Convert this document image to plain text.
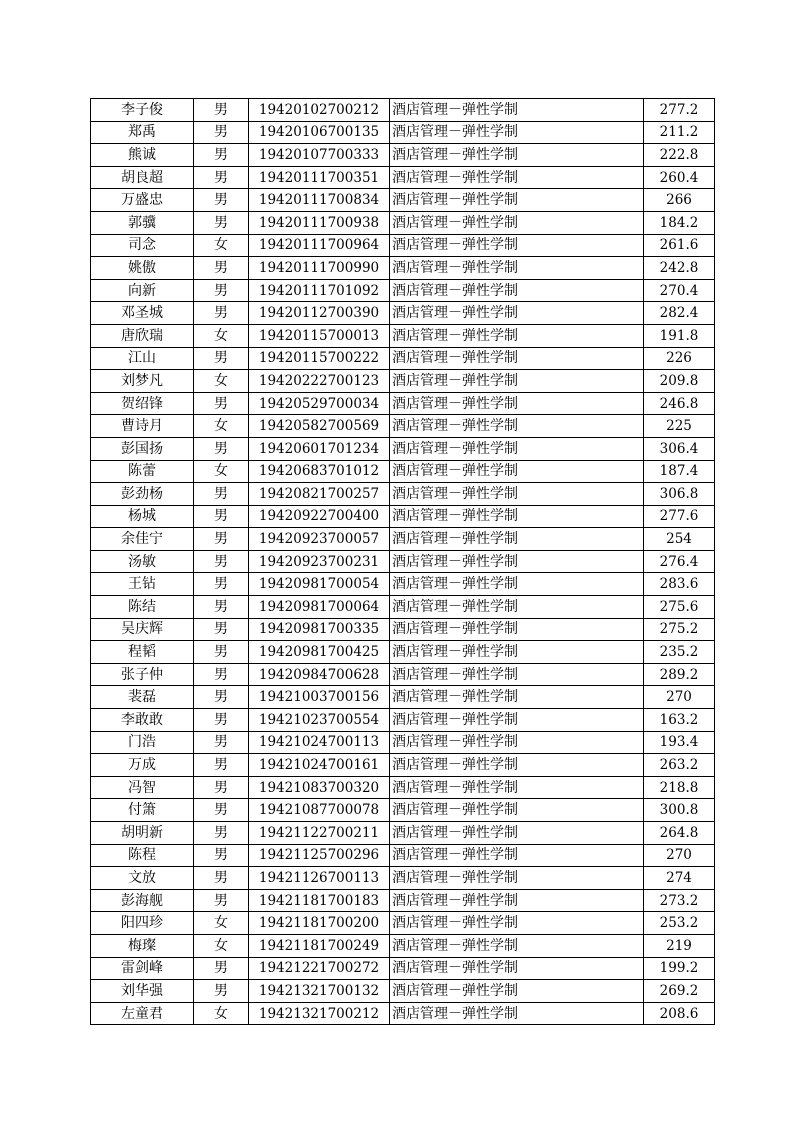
李子俊	男	19420102700212	酒店管理－弹性学制	277.2
郑禹	男	19420106700135	酒店管理－弹性学制	211.2
熊诚	男	19420107700333	酒店管理－弹性学制	222.8
胡良超	男	19420111700351	酒店管理－弹性学制	260.4
万盛忠	男	19420111700834	酒店管理－弹性学制	266
郭骥	男	19420111700938	酒店管理－弹性学制	184.2
司念	女	19420111700964	酒店管理－弹性学制	261.6
姚傲	男	19420111700990	酒店管理－弹性学制	242.8
向新	男	19420111701092	酒店管理－弹性学制	270.4
邓圣城	男	19420112700390	酒店管理－弹性学制	282.4
唐欣瑞	女	19420115700013	酒店管理－弹性学制	191.8
江山	男	19420115700222	酒店管理－弹性学制	226
刘梦凡	女	19420222700123	酒店管理－弹性学制	209.8
贺绍锋	男	19420529700034	酒店管理－弹性学制	246.8
曹诗月	女	19420582700569	酒店管理－弹性学制	225
彭国扬	男	19420601701234	酒店管理－弹性学制	306.4
陈蕾	女	19420683701012	酒店管理－弹性学制	187.4
彭劲杨	男	19420821700257	酒店管理－弹性学制	306.8
杨城	男	19420922700400	酒店管理－弹性学制	277.6
余佳宁	男	19420923700057	酒店管理－弹性学制	254
汤敏	男	19420923700231	酒店管理－弹性学制	276.4
王钻	男	19420981700054	酒店管理－弹性学制	283.6
陈结	男	19420981700064	酒店管理－弹性学制	275.6
吴庆辉	男	19420981700335	酒店管理－弹性学制	275.2
程韬	男	19420981700425	酒店管理－弹性学制	235.2
张子仲	男	19420984700628	酒店管理－弹性学制	289.2
裴磊	男	19421003700156	酒店管理－弹性学制	270
李敢敢	男	19421023700554	酒店管理－弹性学制	163.2
门浩	男	19421024700113	酒店管理－弹性学制	193.4
万成	男	19421024700161	酒店管理－弹性学制	263.2
冯智	男	19421083700320	酒店管理－弹性学制	218.8
付箫	男	19421087700078	酒店管理－弹性学制	300.8
胡明新	男	19421122700211	酒店管理－弹性学制	264.8
陈程	男	19421125700296	酒店管理－弹性学制	270
文放	男	19421126700113	酒店管理－弹性学制	274
彭海舰	男	19421181700183	酒店管理－弹性学制	273.2
阳四珍	女	19421181700200	酒店管理－弹性学制	253.2
梅璨	女	19421181700249	酒店管理－弹性学制	219
雷剑峰	男	19421221700272	酒店管理－弹性学制	199.2
刘华强	男	19421321700132	酒店管理－弹性学制	269.2
左童君	女	19421321700212	酒店管理－弹性学制	208.6
